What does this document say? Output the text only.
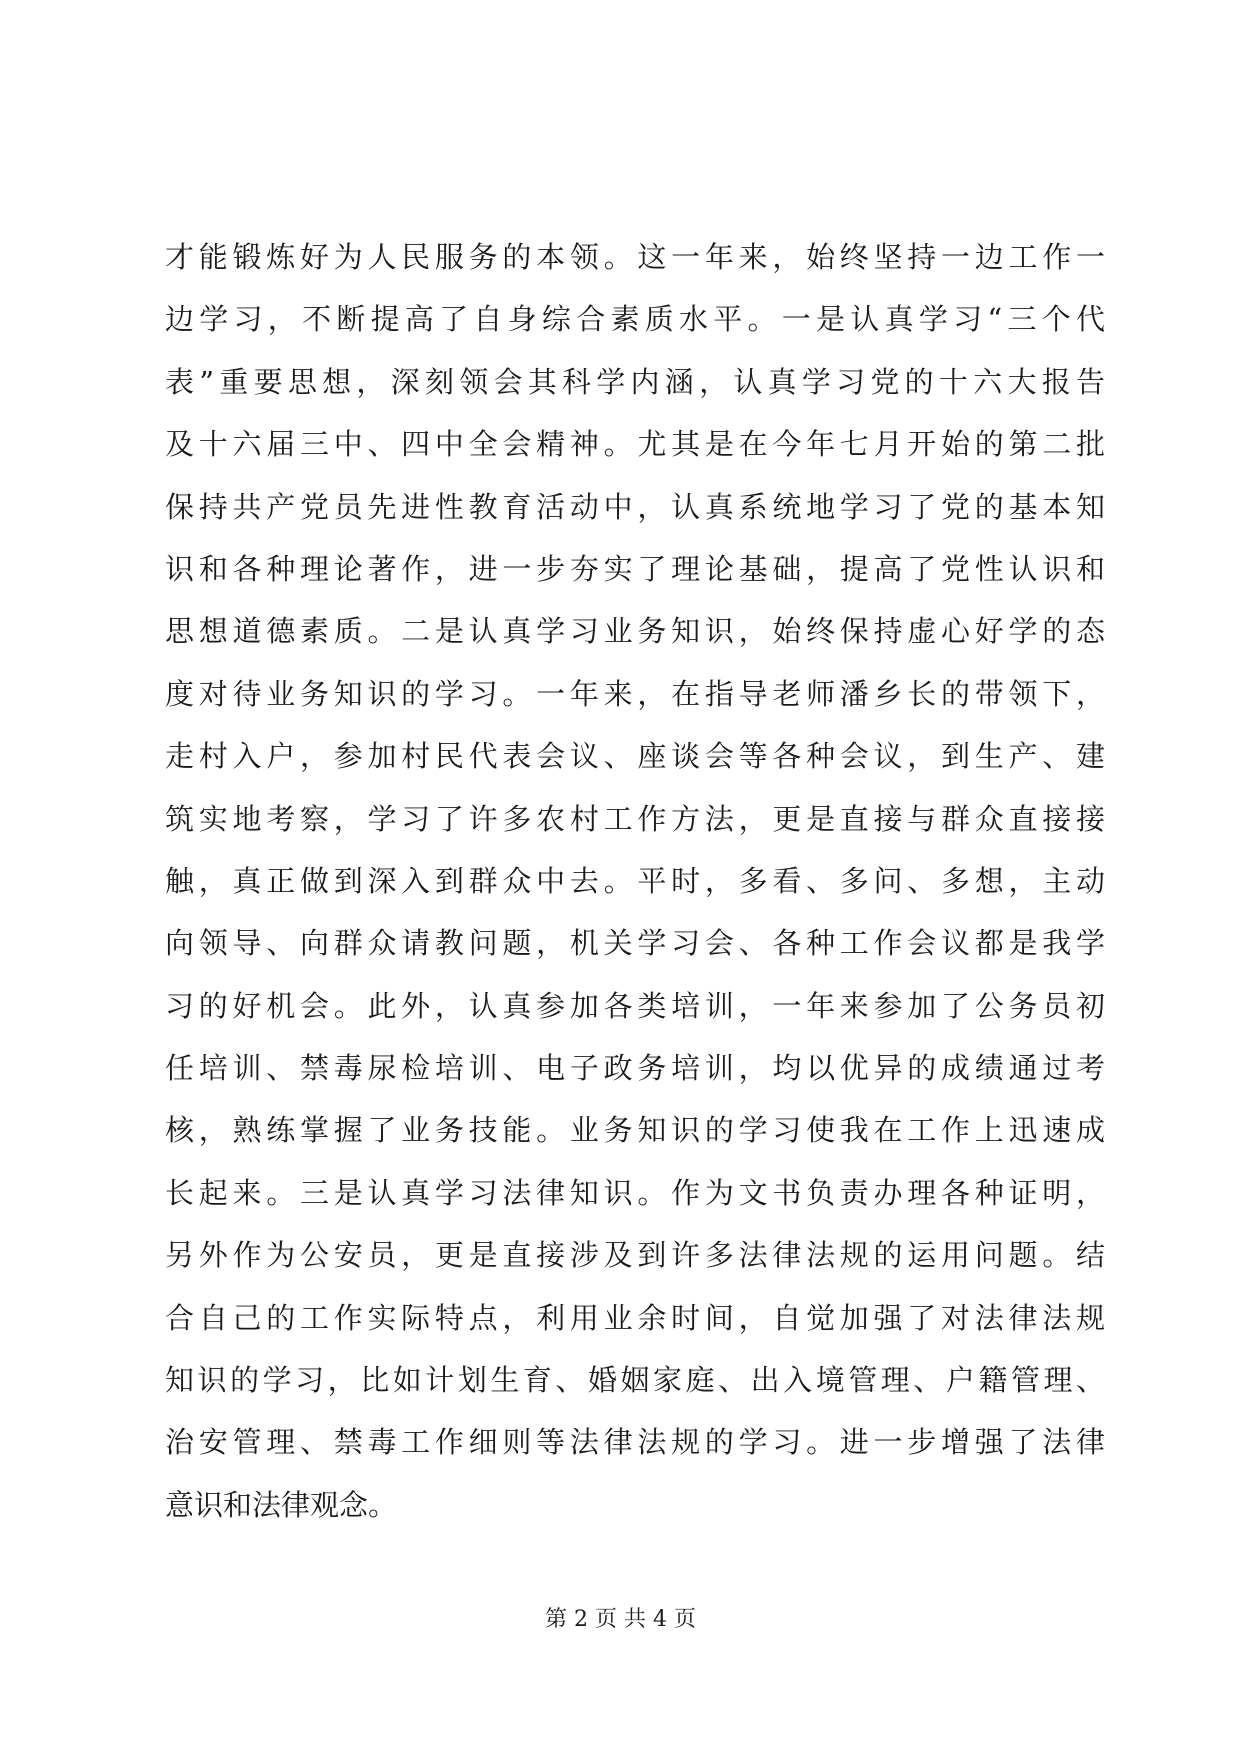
才能锻炼好为人民服务的本领。这一年来，始终坚持一边工作一
边学习，不断提高了自身综合素质水平。一是认真学习“三个代
表”重要思想，深刻领会其科学内涵，认真学习党的十六大报告
及十六届三中、四中全会精神。尤其是在今年七月开始的第二批
保持共产党员先进性教育活动中，认真系统地学习了党的基本知
识和各种理论著作，进一步夯实了理论基础，提高了党性认识和
思想道德素质。二是认真学习业务知识，始终保持虚心好学的态
度对待业务知识的学习。一年来，在指导老师潘乡长的带领下，
走村入户，参加村民代表会议、座谈会等各种会议，到生产、建
筑实地考察，学习了许多农村工作方法，更是直接与群众直接接
触，真正做到深入到群众中去。平时，多看、多问、多想，主动
向领导、向群众请教问题，机关学习会、各种工作会议都是我学
习的好机会。此外，认真参加各类培训，一年来参加了公务员初
任培训、禁毒尿检培训、电子政务培训，均以优异的成绩通过考
核，熟练掌握了业务技能。业务知识的学习使我在工作上迅速成
长起来。三是认真学习法律知识。作为文书负责办理各种证明，
另外作为公安员，更是直接涉及到许多法律法规的运用问题。结
合自己的工作实际特点，利用业余时间，自觉加强了对法律法规
知识的学习，比如计划生育、婚姻家庭、出入境管理、户籍管理、
治安管理、禁毒工作细则等法律法规的学习。进一步增强了法律
意识和法律观念。
第 2 页 共 4 页
